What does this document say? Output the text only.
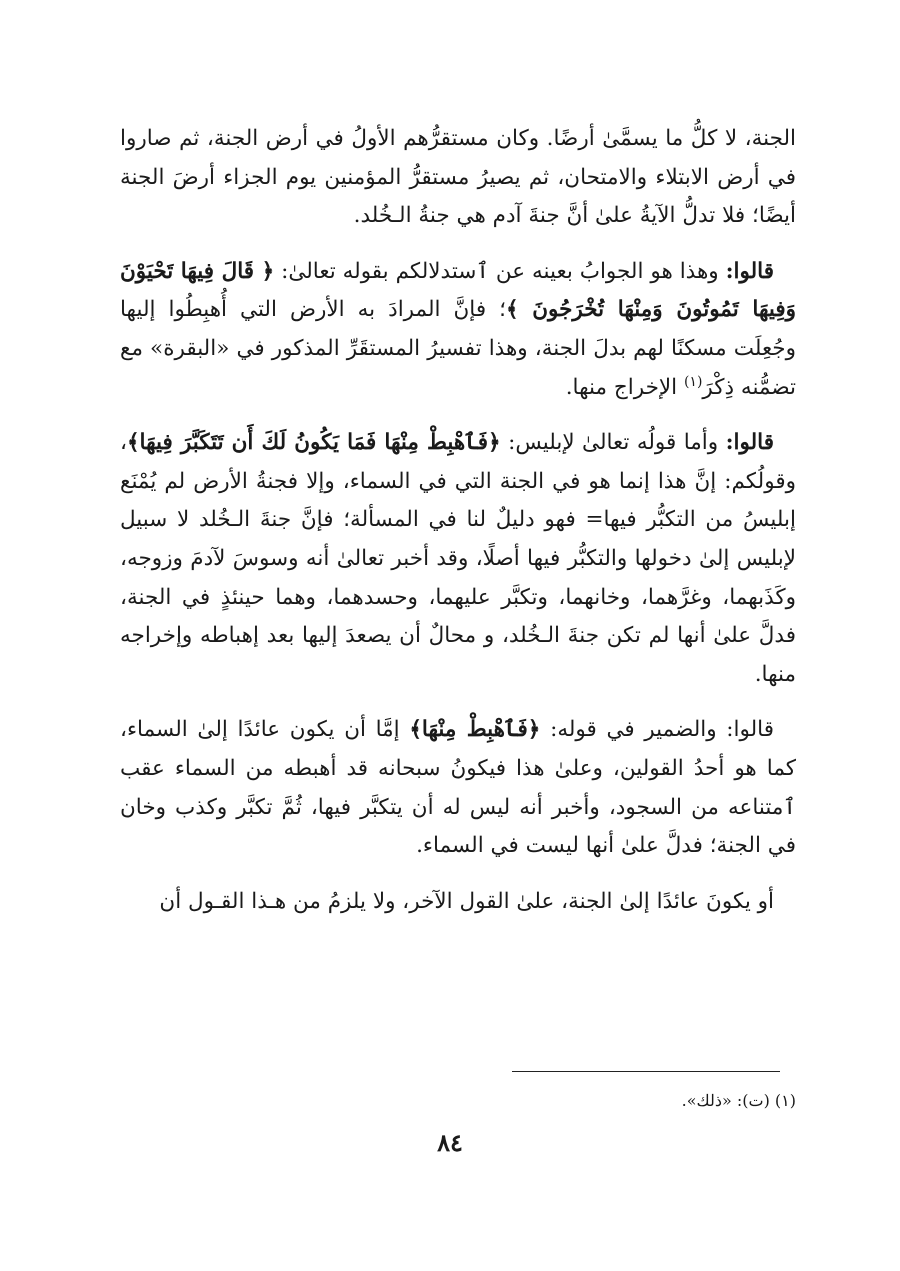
الجنة، لا كلُّ ما يسمَّىٰ أرضًا. وكان مستقرُّهم الأولُ في أرض الجنة، ثم صاروا في أرض الابتلاء والامتحان، ثم يصيرُ مستقرُّ المؤمنين يوم الجزاء أرضَ الجنة أيضًا؛ فلا تدلُّ الآيةُ علىٰ أنَّ جنةَ آدم هي جنةُ الـخُلد.

قالوا: وهذا هو الجوابُ بعينه عن ٱستدلالكم بقوله تعالىٰ: ﴿ قَالَ فِيهَا تَحْيَوْنَ وَفِيهَا تَمُوتُونَ وَمِنْهَا تُخْرَجُونَ ﴾؛ فإنَّ المرادَ به الأرض التي أُهبِطُوا إليها وجُعِلَت مسكنًا لهم بدلَ الجنة، وهذا تفسيرُ المستقَرِّ المذكور في «البقرة» مع تضمُّنه ذِكْرَ$^{(١)}$ الإخراج منها.

قالوا: وأما قولُه تعالىٰ لإبليس: ﴿فَٱهْبِطْ مِنْهَا فَمَا يَكُونُ لَكَ أَن تَتَكَبَّرَ فِيهَا﴾، وقولُكم: إنَّ هذا إنما هو في الجنة التي في السماء، وإلا فجنةُ الأرض لم يُمْنَع إبليسُ من التكبُّر فيها= فهو دليلٌ لنا في المسألة؛ فإنَّ جنةَ الـخُلد لا سبيل لإبليس إلىٰ دخولها والتكبُّر فيها أصلًا، وقد أخبر تعالىٰ أنه وسوسَ لآدمَ وزوجه، وكَذَبهما، وغرَّهما، وخانهما، وتكبَّر عليهما، وحسدهما، وهما حينئذٍ في الجنة، فدلَّ علىٰ أنها لم تكن جنةَ الـخُلد، و محالٌ أن يصعدَ إليها بعد إهباطه وإخراجه منها.

قالوا: والضمير في قوله: ﴿فَٱهْبِطْ مِنْهَا﴾ إمَّا أن يكون عائدًا إلىٰ السماء، كما هو أحدُ القولين، وعلىٰ هذا فيكونُ سبحانه قد أهبطه من السماء عقب ٱمتناعه من السجود، وأخبر أنه ليس له أن يتكبَّر فيها، ثُمَّ تكبَّر وكذب وخان في الجنة؛ فدلَّ علىٰ أنها ليست في السماء.

أو يكونَ عائدًا إلىٰ الجنة، علىٰ القول الآخر، ولا يلزمُ من هـذا القـول أن

(١) (ت): «ذلك».
٨٤
